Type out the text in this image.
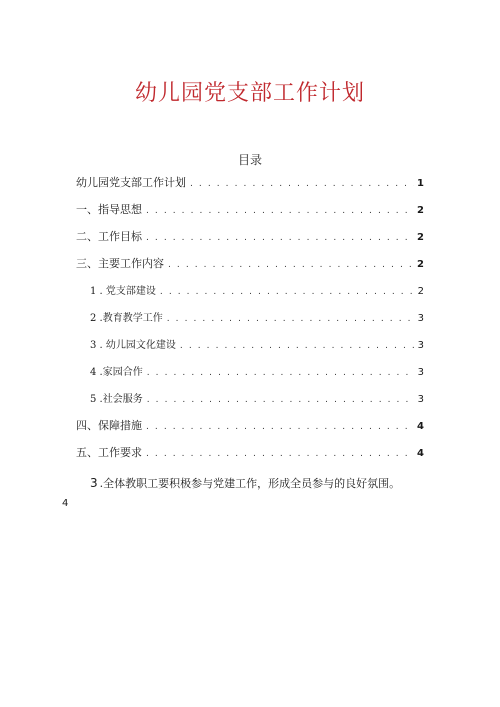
幼儿园党支部工作计划
目录
幼儿园党支部工作计划 . . .	1
一、指导思想 . . .	2
二、工作目标 . . .	2
三、主要工作内容 . . .	2
1 . 党支部建设 . . .	2
2 .教育教学工作 . . .	3
3 . 幼儿园文化建设 . . .	3
4 .家园合作 . . .	3
5 .社会服务 . . .	3
四、保障措施 . . .	4
五、工作要求 . . .	4
3 .全体教职工要积极参与党建工作，形成全员参与的良好氛围。
4
